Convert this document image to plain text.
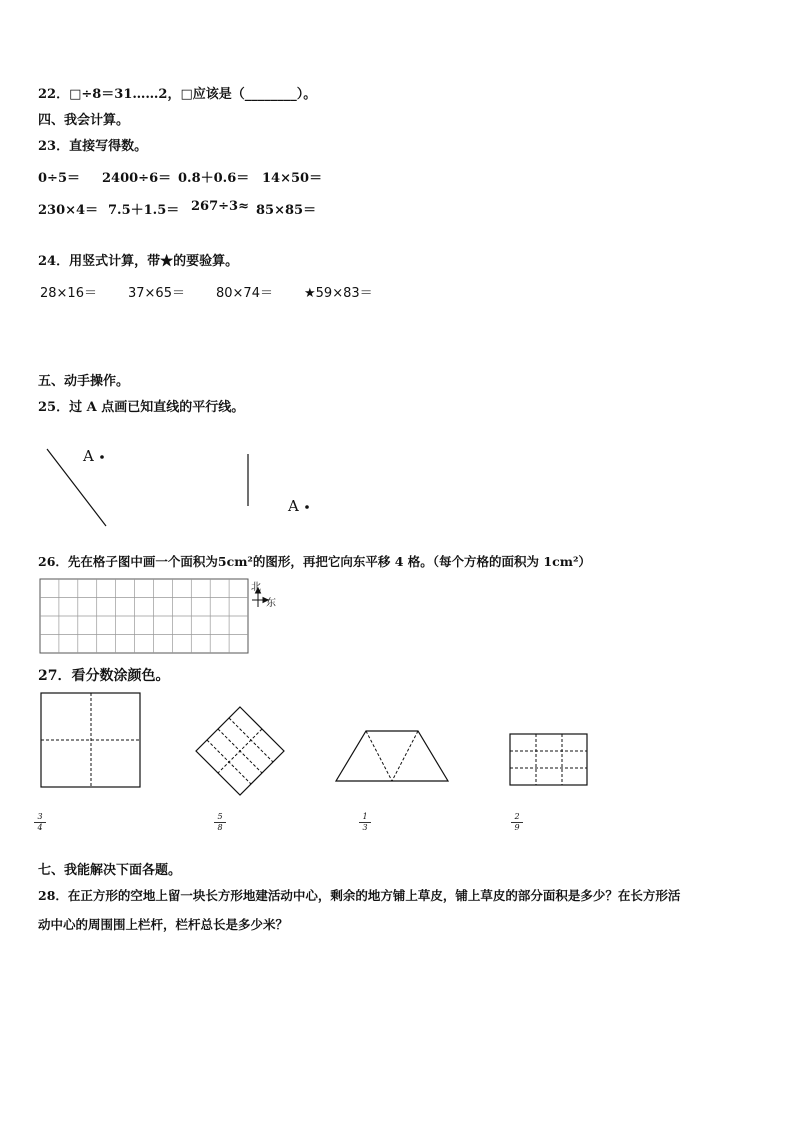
22．□÷8＝31……2，□应该是（________）。
四、我会计算。
23．直接写得数。
0÷5＝ 2400÷6＝ 0.8＋0.6＝ 14×50＝
230×4＝ 7.5＋1.5＝ 267÷3≈ 85×85＝
24．用竖式计算，带★的要验算。
28×16＝ 37×65＝ 80×74＝ ★59×83＝
五、动手操作。
25．过 A 点画已知直线的平行线。
A
A
26．先在格子图中画一个面积为5cm²的图形，再把它向东平移 4 格。（每个方格的面积为 1cm²）
北
东
27．看分数涂颜色。
3
4
5
8
1
3
2
9
七、我能解决下面各题。
28．在正方形的空地上留一块长方形地建活动中心，剩余的地方铺上草皮，铺上草皮的部分面积是多少？在长方形活
动中心的周围围上栏杆，栏杆总长是多少米？
